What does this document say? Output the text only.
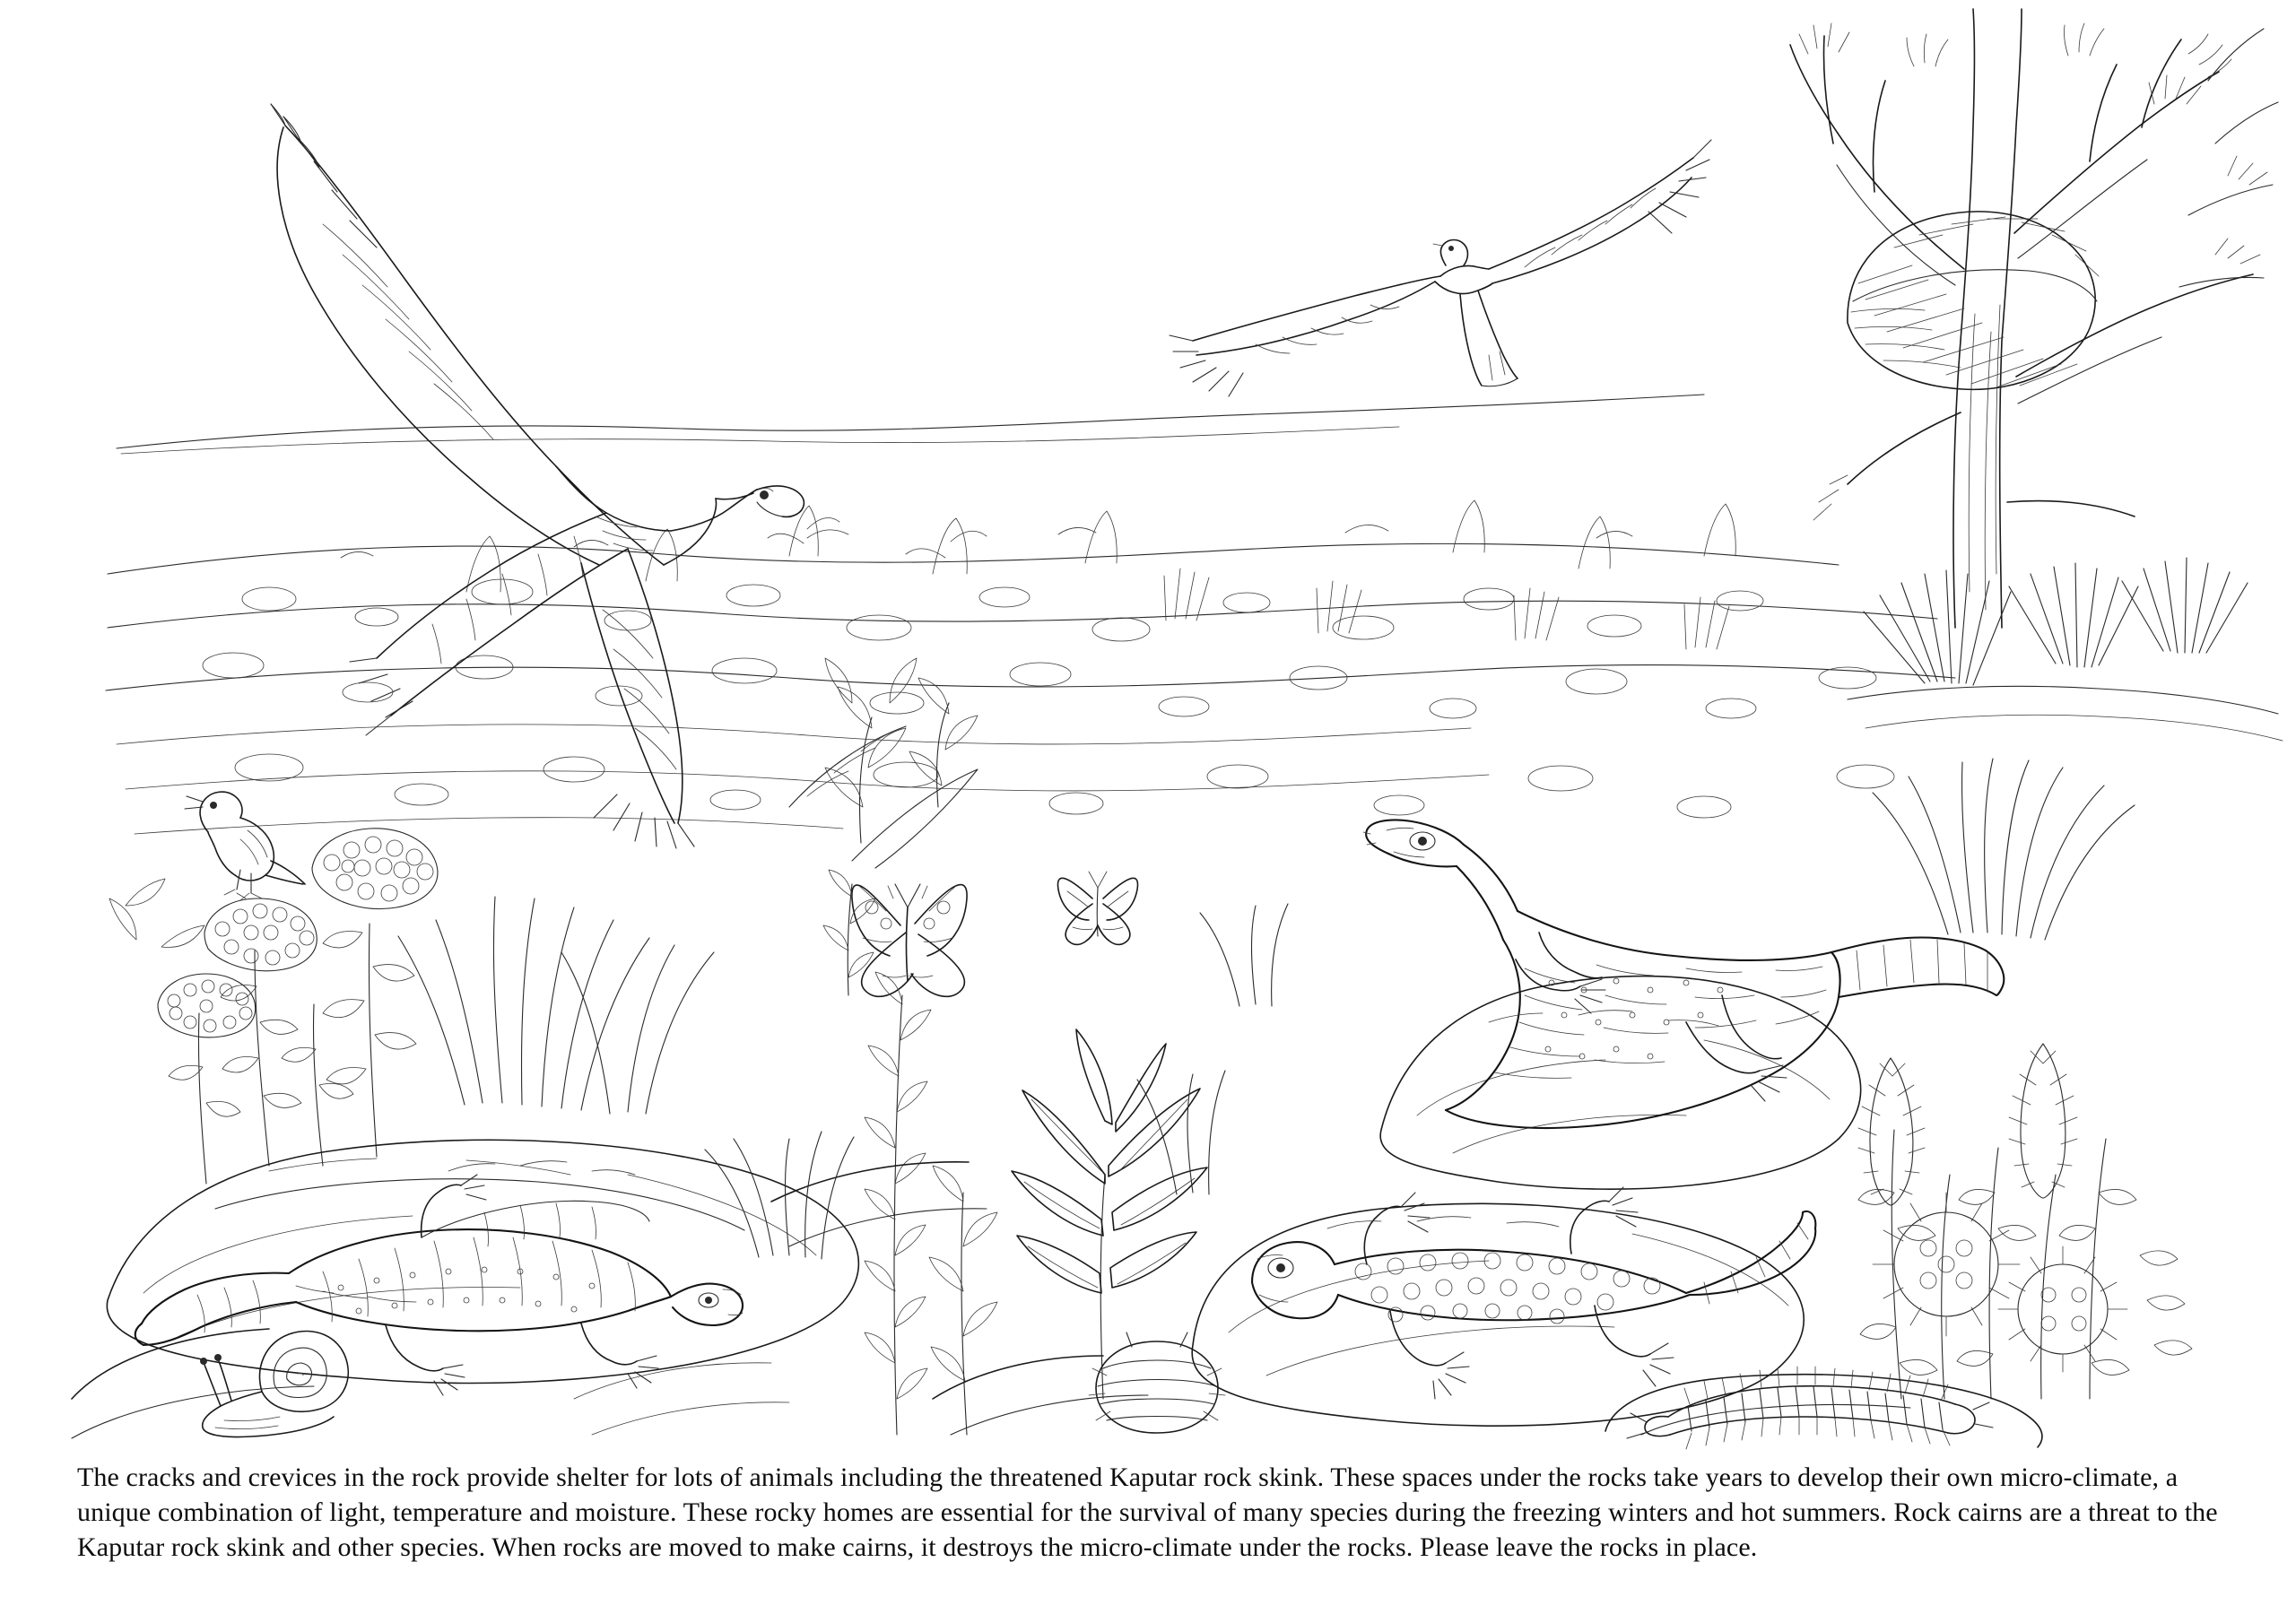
The cracks and crevices in the rock provide shelter for lots of animals including the threatened Kaputar rock skink. These spaces under the rocks take years to develop their own micro-climate, a unique combination of light, temperature and moisture. These rocky homes are essential for the survival of many species during the freezing winters and hot summers. Rock cairns are a threat to the Kaputar rock skink and other species. When rocks are moved to make cairns, it destroys the micro-climate under the rocks. Please leave the rocks in place.
